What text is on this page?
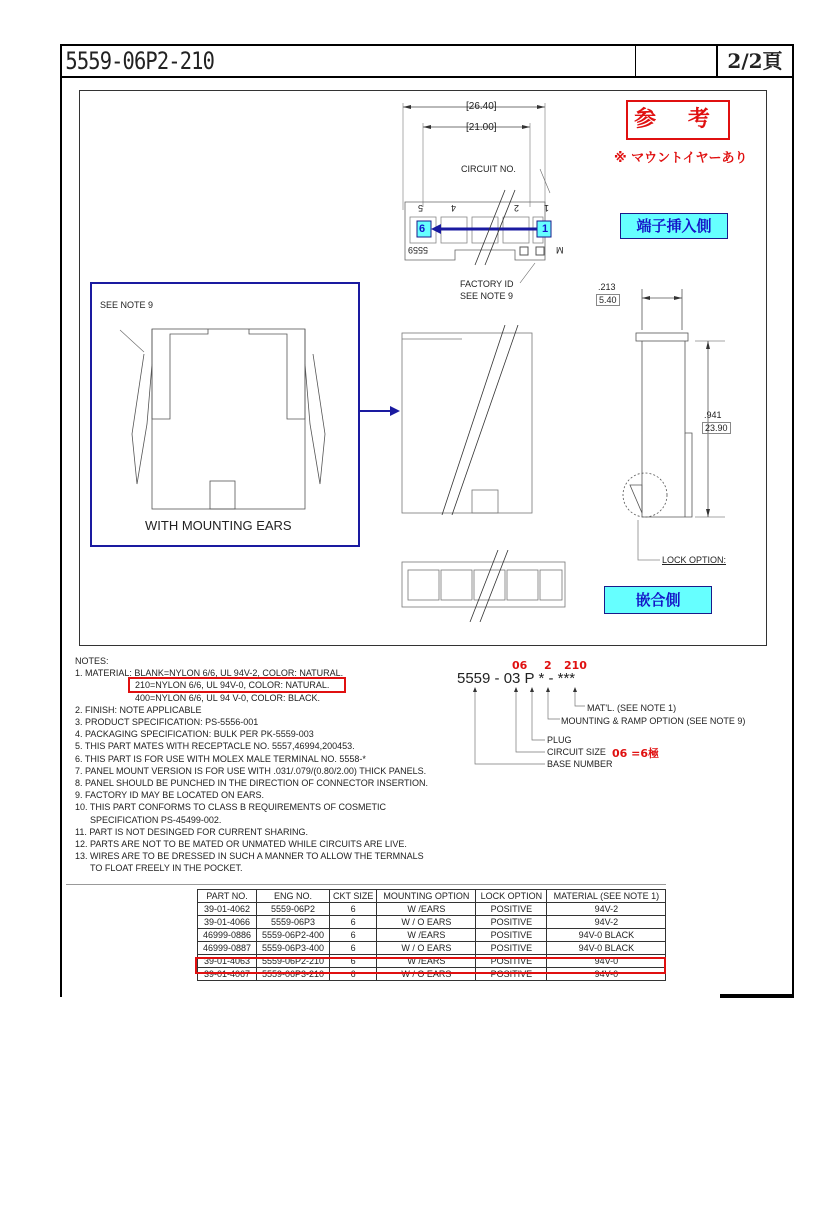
5559-06P2-210	2/2頁
参 考
※ マウントイヤーあり
端子挿入側
嵌合側
[26.40]
[21.00]
CIRCUIT NO.
5	4	2	1
6	1
5559	M
FACTORY ID
SEE NOTE 9
SEE NOTE 9
WITH MOUNTING EARS
.213
5.40
.941
23.90
LOCK OPTION:
NOTES:
1. MATERIAL: BLANK=NYLON 6/6, UL 94V-2, COLOR: NATURAL.
210=NYLON 6/6, UL 94V-0, COLOR: NATURAL.
400=NYLON 6/6, UL 94 V-0, COLOR: BLACK.
2. FINISH: NOTE APPLICABLE
3. PRODUCT SPECIFICATION: PS-5556-001
4. PACKAGING SPECIFICATION: BULK PER PK-5559-003
5. THIS PART MATES WITH RECEPTACLE NO. 5557,46994,200453.
6. THIS PART IS FOR USE WITH MOLEX MALE TERMINAL NO. 5558-*
7. PANEL MOUNT VERSION IS FOR USE WITH .031/.079/(0.80/2.00) THICK PANELS.
8. PANEL SHOULD BE PUNCHED IN THE DIRECTION OF CONNECTOR INSERTION.
9. FACTORY ID MAY BE LOCATED ON EARS.
10. THIS PART CONFORMS TO CLASS B REQUIREMENTS OF COSMETIC
SPECIFICATION PS-45499-002.
11. PART IS NOT DESINGED FOR CURRENT SHARING.
12. PARTS ARE NOT TO BE MATED OR UNMATED WHILE CIRCUITS ARE LIVE.
13. WIRES ARE TO BE DRESSED IN SUCH A MANNER TO ALLOW THE TERMNALS
TO FLOAT FREELY IN THE POCKET.
06 2 210
5559 - 03 P * - ***
MAT'L. (SEE NOTE 1)
MOUNTING & RAMP OPTION (SEE NOTE 9)
PLUG
CIRCUIT SIZE 06 =6極
BASE NUMBER
PART NO.	ENG NO.	CKT SIZE	MOUNTING OPTION	LOCK OPTION	MATERIAL (SEE NOTE 1)
39-01-4062	5559-06P2	6	W /EARS	POSITIVE	94V-2
39-01-4066	5559-06P3	6	W / O EARS	POSITIVE	94V-2
46999-0886	5559-06P2-400	6	W /EARS	POSITIVE	94V-0 BLACK
46999-0887	5559-06P3-400	6	W / O EARS	POSITIVE	94V-0 BLACK
39-01-4063	5559-06P2-210	6	W /EARS	POSITIVE	94V-0
39-01-4067	5559-06P3-210	6	W / O EARS	POSITIVE	94V-0
